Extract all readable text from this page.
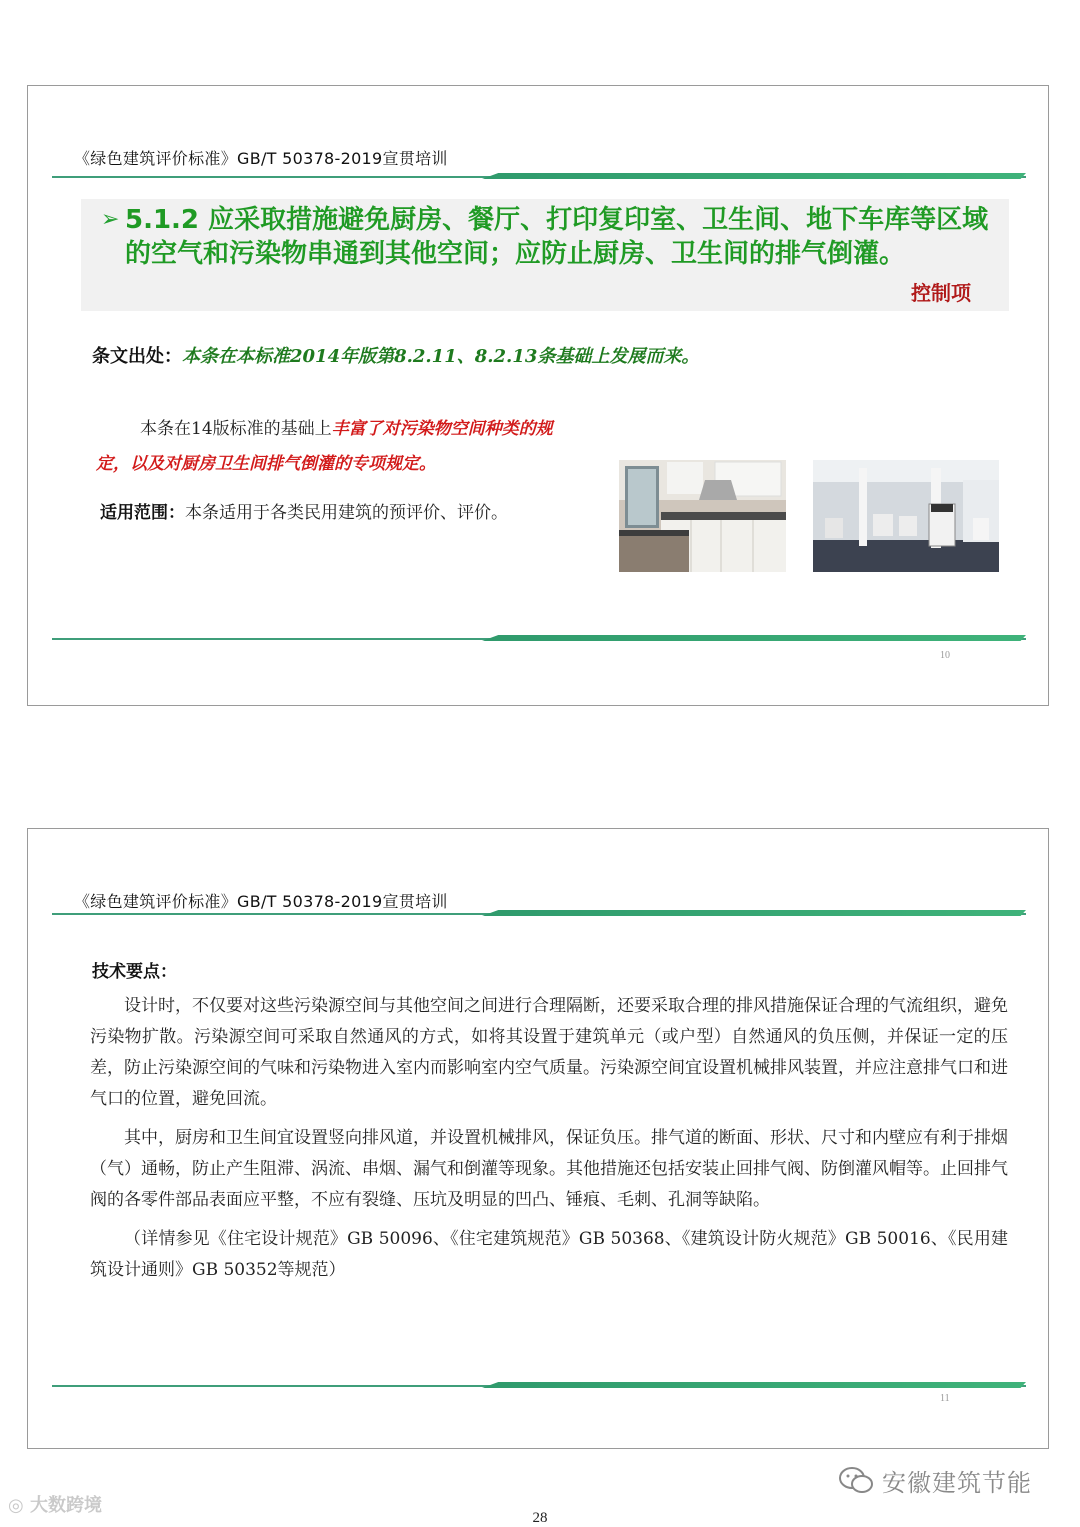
《绿色建筑评价标准》GB/T 50378-2019宣贯培训
➢ 5.1.2 应采取措施避免厨房、餐厅、打印复印室、卫生间、地下车库等区域的空气和污染物串通到其他空间；应防止厨房、卫生间的排气倒灌。
控制项
条文出处：本条在本标准2014年版第8.2.11、8.2.13条基础上发展而来。
本条在14版标准的基础上丰富了对污染物空间种类的规定，以及对厨房卫生间排气倒灌的专项规定。
适用范围：本条适用于各类民用建筑的预评价、评价。
10
《绿色建筑评价标准》GB/T 50378-2019宣贯培训
技术要点：

设计时，不仅要对这些污染源空间与其他空间之间进行合理隔断，还要采取合理的排风措施保证合理的气流组织，避免污染物扩散。污染源空间可采取自然通风的方式，如将其设置于建筑单元（或户型）自然通风的负压侧，并保证一定的压差，防止污染源空间的气味和污染物进入室内而影响室内空气质量。污染源空间宜设置机械排风装置，并应注意排气口和进气口的位置，避免回流。

其中，厨房和卫生间宜设置竖向排风道，并设置机械排风，保证负压。排气道的断面、形状、尺寸和内壁应有利于排烟（气）通畅，防止产生阻滞、涡流、串烟、漏气和倒灌等现象。其他措施还包括安装止回排气阀、防倒灌风帽等。止回排气阀的各零件部品表面应平整，不应有裂缝、压坑及明显的凹凸、锤痕、毛刺、孔洞等缺陷。

（详情参见《住宅设计规范》GB 50096、《住宅建筑规范》GB 50368、《建筑设计防火规范》GB 50016、《民用建筑设计通则》GB 50352等规范）

11
安徽建筑节能
◎ 大数跨境
28
